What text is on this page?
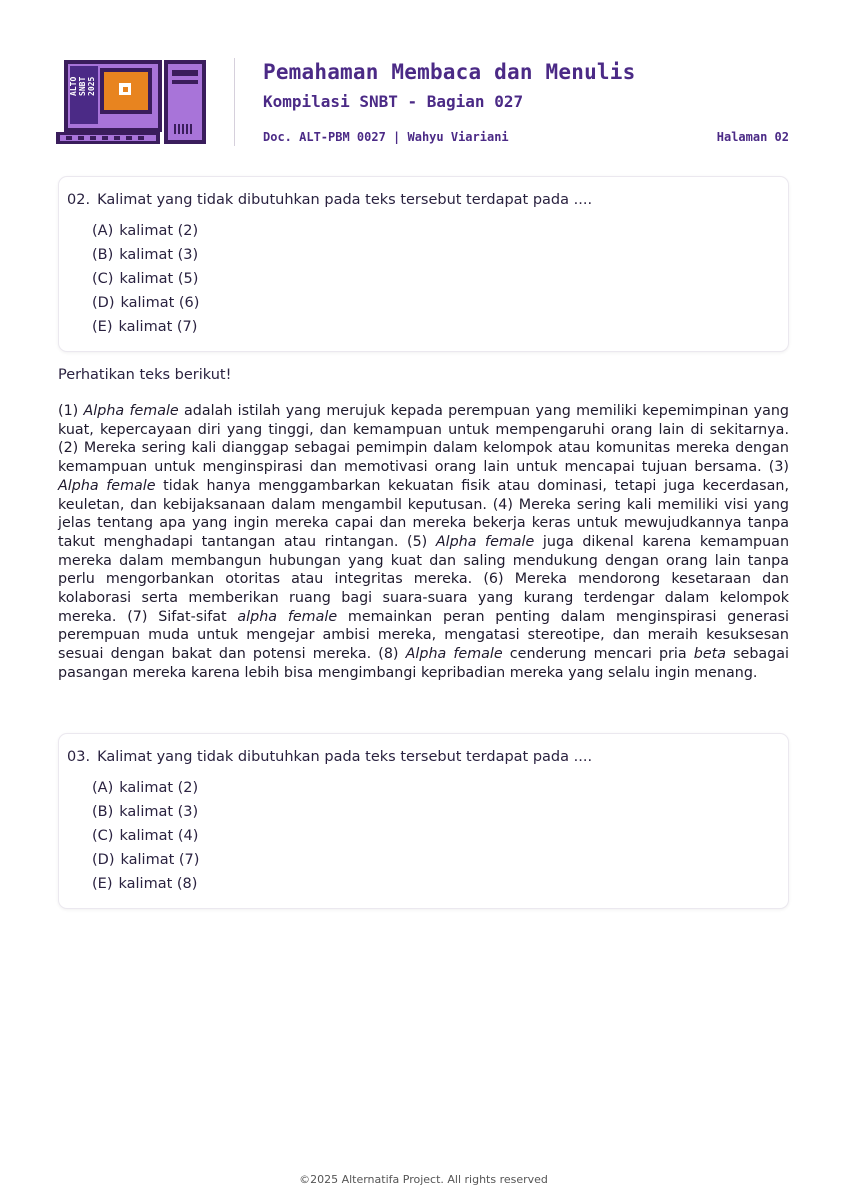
ALTO SNBT 2025
Pemahaman Membaca dan Menulis
Kompilasi SNBT - Bagian 027
Doc. ALT-PBM 0027 | Wahyu Viariani	Halaman 02

02. Kalimat yang tidak dibutuhkan pada teks tersebut terdapat pada ....

(A) kalimat (2)
(B) kalimat (3)
(C) kalimat (5)
(D) kalimat (6)
(E) kalimat (7)
Perhatikan teks berikut!

(1) Alpha female adalah istilah yang merujuk kepada perempuan yang memiliki kepemimpinan yang kuat, kepercayaan diri yang tinggi, dan kemampuan untuk mempengaruhi orang lain di sekitarnya. (2) Mereka sering kali dianggap sebagai pemimpin dalam kelompok atau komunitas mereka dengan kemampuan untuk menginspirasi dan memotivasi orang lain untuk mencapai tujuan bersama. (3) Alpha female tidak hanya menggambarkan kekuatan fisik atau dominasi, tetapi juga kecerdasan, keuletan, dan kebijaksanaan dalam mengambil keputusan. (4) Mereka sering kali memiliki visi yang jelas tentang apa yang ingin mereka capai dan mereka bekerja keras untuk mewujudkannya tanpa takut menghadapi tantangan atau rintangan. (5) Alpha female juga dikenal karena kemampuan mereka dalam membangun hubungan yang kuat dan saling mendukung dengan orang lain tanpa perlu mengorbankan otoritas atau integritas mereka. (6) Mereka mendorong kesetaraan dan kolaborasi serta memberikan ruang bagi suara-suara yang kurang terdengar dalam kelompok mereka. (7) Sifat-sifat alpha female memainkan peran penting dalam menginspirasi generasi perempuan muda untuk mengejar ambisi mereka, mengatasi stereotipe, dan meraih kesuksesan sesuai dengan bakat dan potensi mereka. (8) Alpha female cenderung mencari pria beta sebagai pasangan mereka karena lebih bisa mengimbangi kepribadian mereka yang selalu ingin menang.

03. Kalimat yang tidak dibutuhkan pada teks tersebut terdapat pada ....

(A) kalimat (2)
(B) kalimat (3)
(C) kalimat (4)
(D) kalimat (7)
(E) kalimat (8)
©2025 Alternatifa Project. All rights reserved
